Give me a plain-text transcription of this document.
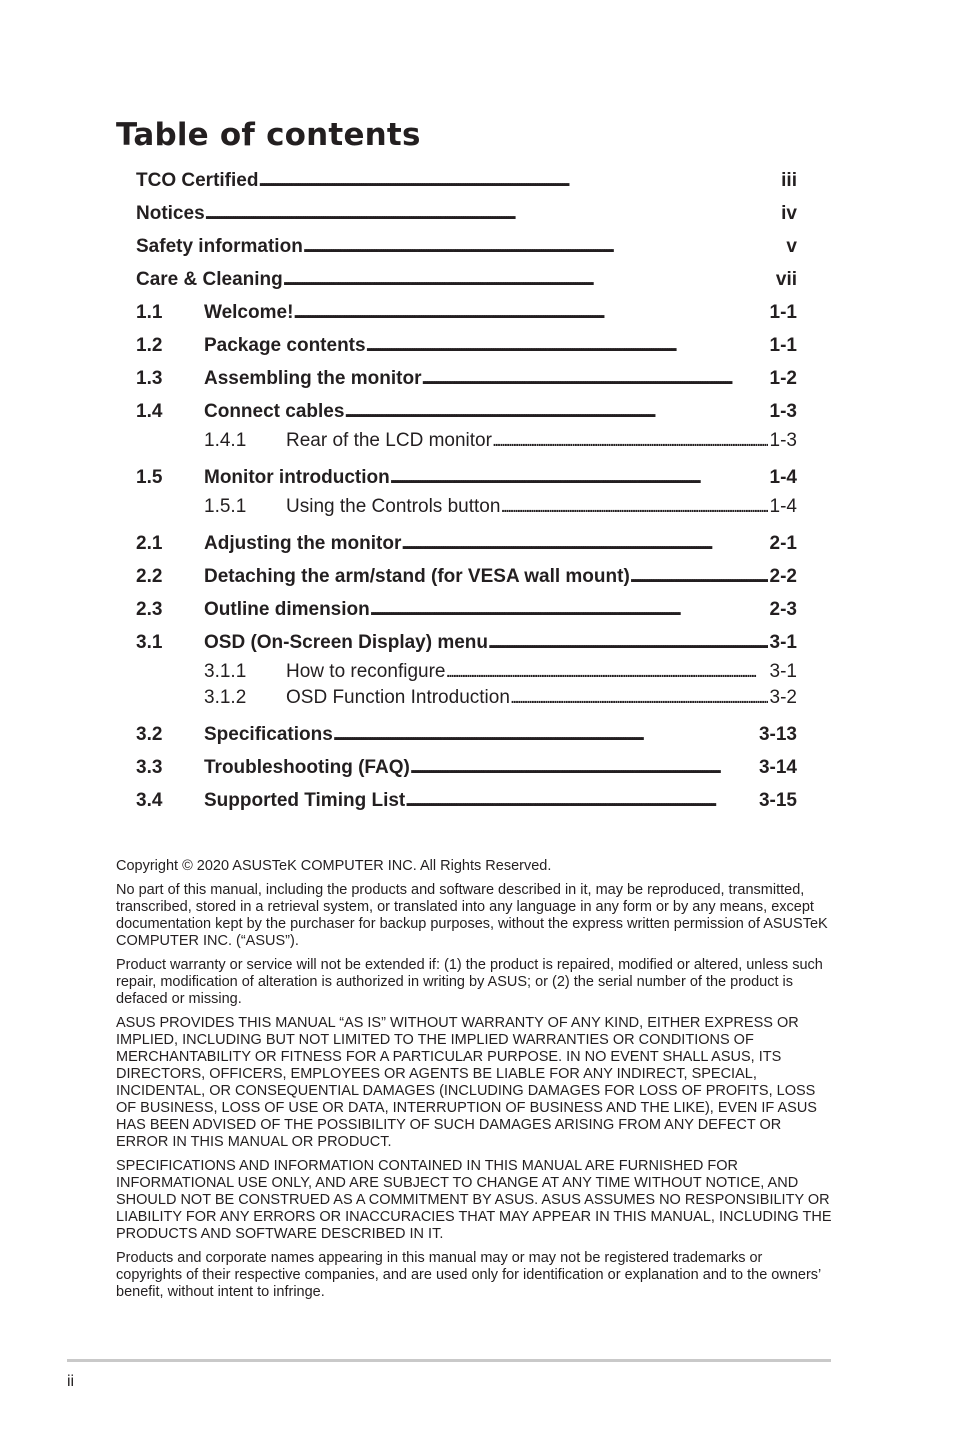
Table of contents
TCO Certified . . .	iii
Notices . . .	iv
Safety information . . .	v
Care & Cleaning . . .	vii
1.1	Welcome! . . .	1-1
1.2	Package contents . . .	1-1
1.3	Assembling the monitor . . .	1-2
1.4	Connect cables . . .	1-3
1.4.1	Rear of the LCD monitor . . .	1-3
1.5	Monitor introduction . . .	1-4
1.5.1	Using the Controls button . . .	1-4
2.1	Adjusting the monitor . . .	2-1
2.2	Detaching the arm/stand (for VESA wall mount) . . .	2-2
2.3	Outline dimension . . .	2-3
3.1	OSD (On-Screen Display) menu . . .	3-1
3.1.1	How to reconfigure . . .	3-1
3.1.2	OSD Function Introduction . . .	3-2
3.2	Specifications . . .	3-13
3.3	Troubleshooting (FAQ) . . .	3-14
3.4	Supported Timing List . . .	3-15

Copyright © 2020 ASUSTeK COMPUTER INC. All Rights Reserved.

No part of this manual, including the products and software described in it, may be reproduced, transmitted, transcribed, stored in a retrieval system, or translated into any language in any form or by any means, except documentation kept by the purchaser for backup purposes, without the express written permission of ASUSTeK COMPUTER INC. (“ASUS”).

Product warranty or service will not be extended if: (1) the product is repaired, modified or altered, unless such repair, modification of alteration is authorized in writing by ASUS; or (2) the serial number of the product is defaced or missing.

ASUS PROVIDES THIS MANUAL “AS IS” WITHOUT WARRANTY OF ANY KIND, EITHER EXPRESS OR IMPLIED, INCLUDING BUT NOT LIMITED TO THE IMPLIED WARRANTIES OR CONDITIONS OF MERCHANTABILITY OR FITNESS FOR A PARTICULAR PURPOSE. IN NO EVENT SHALL ASUS, ITS DIRECTORS, OFFICERS, EMPLOYEES OR AGENTS BE LIABLE FOR ANY INDIRECT, SPECIAL, INCIDENTAL, OR CONSEQUENTIAL DAMAGES (INCLUDING DAMAGES FOR LOSS OF PROFITS, LOSS OF BUSINESS, LOSS OF USE OR DATA, INTERRUPTION OF BUSINESS AND THE LIKE), EVEN IF ASUS HAS BEEN ADVISED OF THE POSSIBILITY OF SUCH DAMAGES ARISING FROM ANY DEFECT OR ERROR IN THIS MANUAL OR PRODUCT.

SPECIFICATIONS AND INFORMATION CONTAINED IN THIS MANUAL ARE FURNISHED FOR INFORMATIONAL USE ONLY, AND ARE SUBJECT TO CHANGE AT ANY TIME WITHOUT NOTICE, AND SHOULD NOT BE CONSTRUED AS A COMMITMENT BY ASUS. ASUS ASSUMES NO RESPONSIBILITY OR LIABILITY FOR ANY ERRORS OR INACCURACIES THAT MAY APPEAR IN THIS MANUAL, INCLUDING THE PRODUCTS AND SOFTWARE DESCRIBED IN IT.

Products and corporate names appearing in this manual may or may not be registered trademarks or copyrights of their respective companies, and are used only for identification or explanation and to the owners’ benefit, without intent to infringe.

ii
